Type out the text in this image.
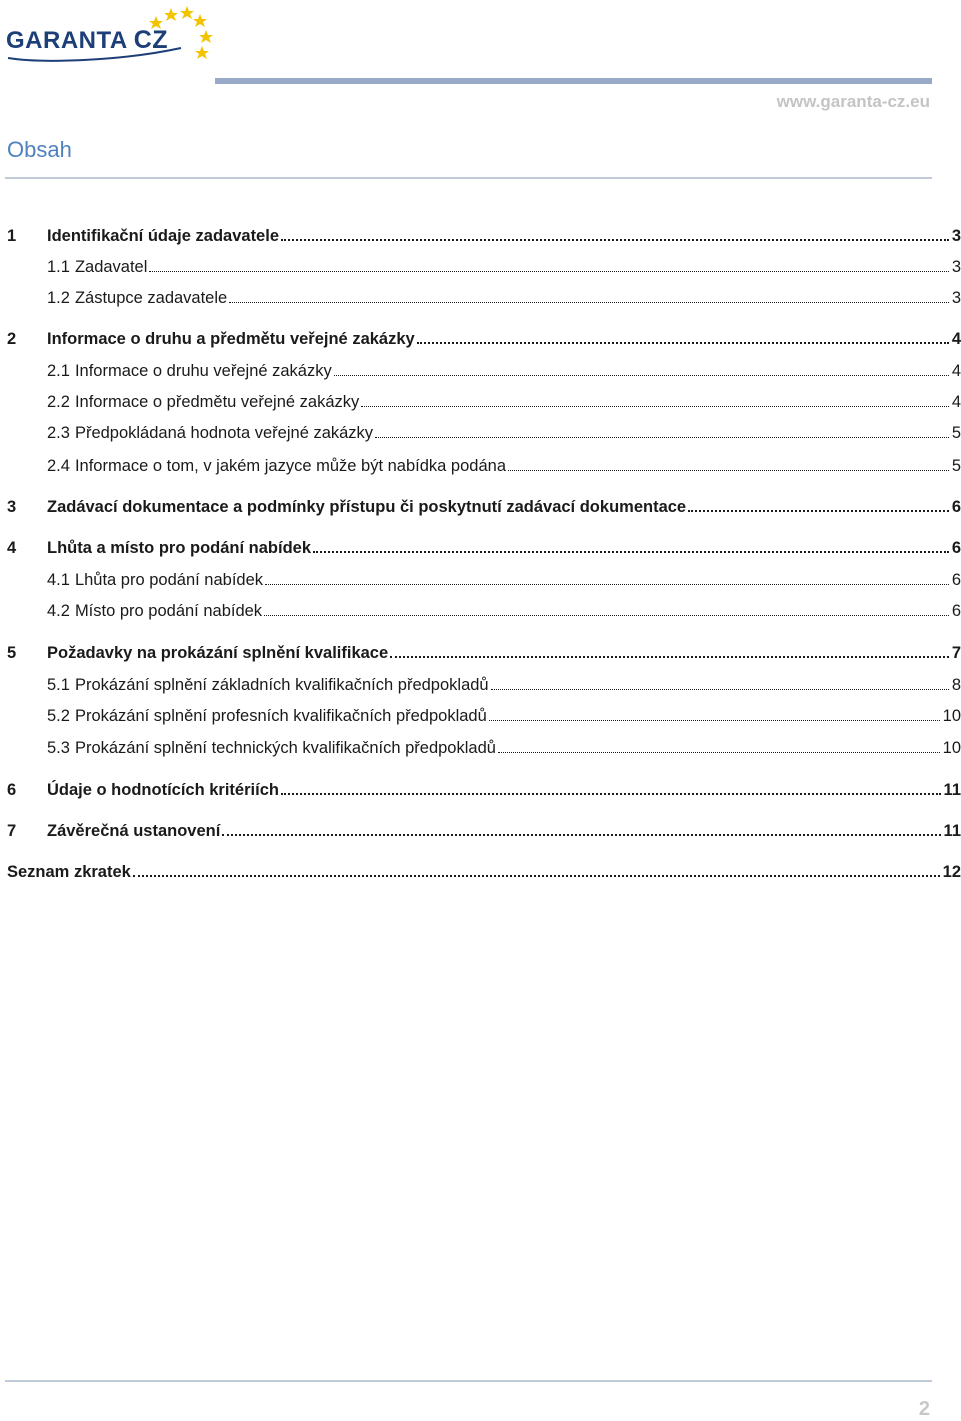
GARANTA CZ
www.garanta-cz.eu
Obsah
1	Identifikační údaje zadavatele	3
1.1 Zadavatel	3
1.2 Zástupce zadavatele	3
2	Informace o druhu a předmětu veřejné zakázky	4
2.1 Informace o druhu veřejné zakázky	4
2.2 Informace o předmětu veřejné zakázky	4
2.3 Předpokládaná hodnota veřejné zakázky	5
2.4 Informace o tom, v jakém jazyce může být nabídka podána	5
3	Zadávací dokumentace a podmínky přístupu či poskytnutí zadávací dokumentace	6
4	Lhůta a místo pro podání nabídek	6
4.1 Lhůta pro podání nabídek	6
4.2 Místo pro podání nabídek	6
5	Požadavky na prokázání splnění kvalifikace	7
5.1 Prokázání splnění základních kvalifikačních předpokladů	8
5.2 Prokázání splnění profesních kvalifikačních předpokladů	10
5.3 Prokázání splnění technických kvalifikačních předpokladů	10
6	Údaje o hodnotících kritériích	11
7	Závěrečná ustanovení	11
Seznam zkratek	12
2
